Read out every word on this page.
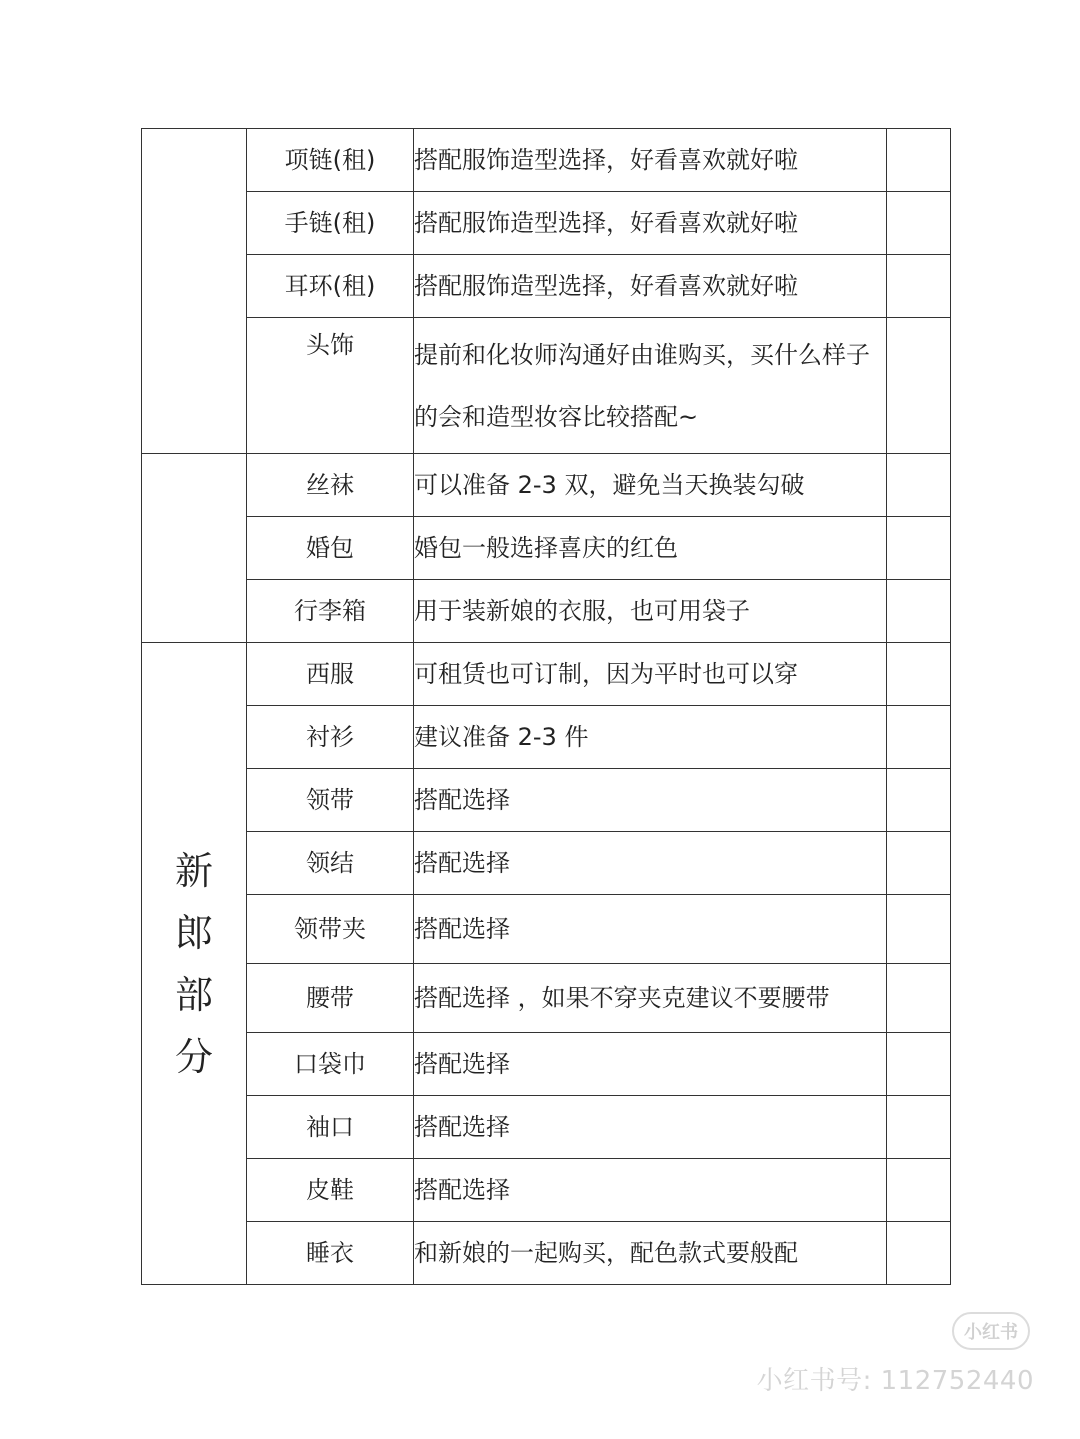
	项链(租)	搭配服饰造型选择，好看喜欢就好啦	

	手链(租)	搭配服饰造型选择，好看喜欢就好啦	

	耳环(租)	搭配服饰造型选择，好看喜欢就好啦	

	头饰	提前和化妆师沟通好由谁购买，买什么样子的会和造型妆容比较搭配~	

	丝袜	可以准备 2-3 双，避免当天换装勾破	

	婚包	婚包一般选择喜庆的红色	

	行李箱	用于装新娘的衣服，也可用袋子	

新郎部分	西服	可租赁也可订制，因为平时也可以穿	

	衬衫	建议准备 2-3 件	

	领带	搭配选择	

	领结	搭配选择	

	领带夹	搭配选择	

	腰带	搭配选择 ，如果不穿夹克建议不要腰带	

	口袋巾	搭配选择	

	袖口	搭配选择	

	皮鞋	搭配选择	

	睡衣	和新娘的一起购买，配色款式要般配	

小红书
小红书号: 112752440
